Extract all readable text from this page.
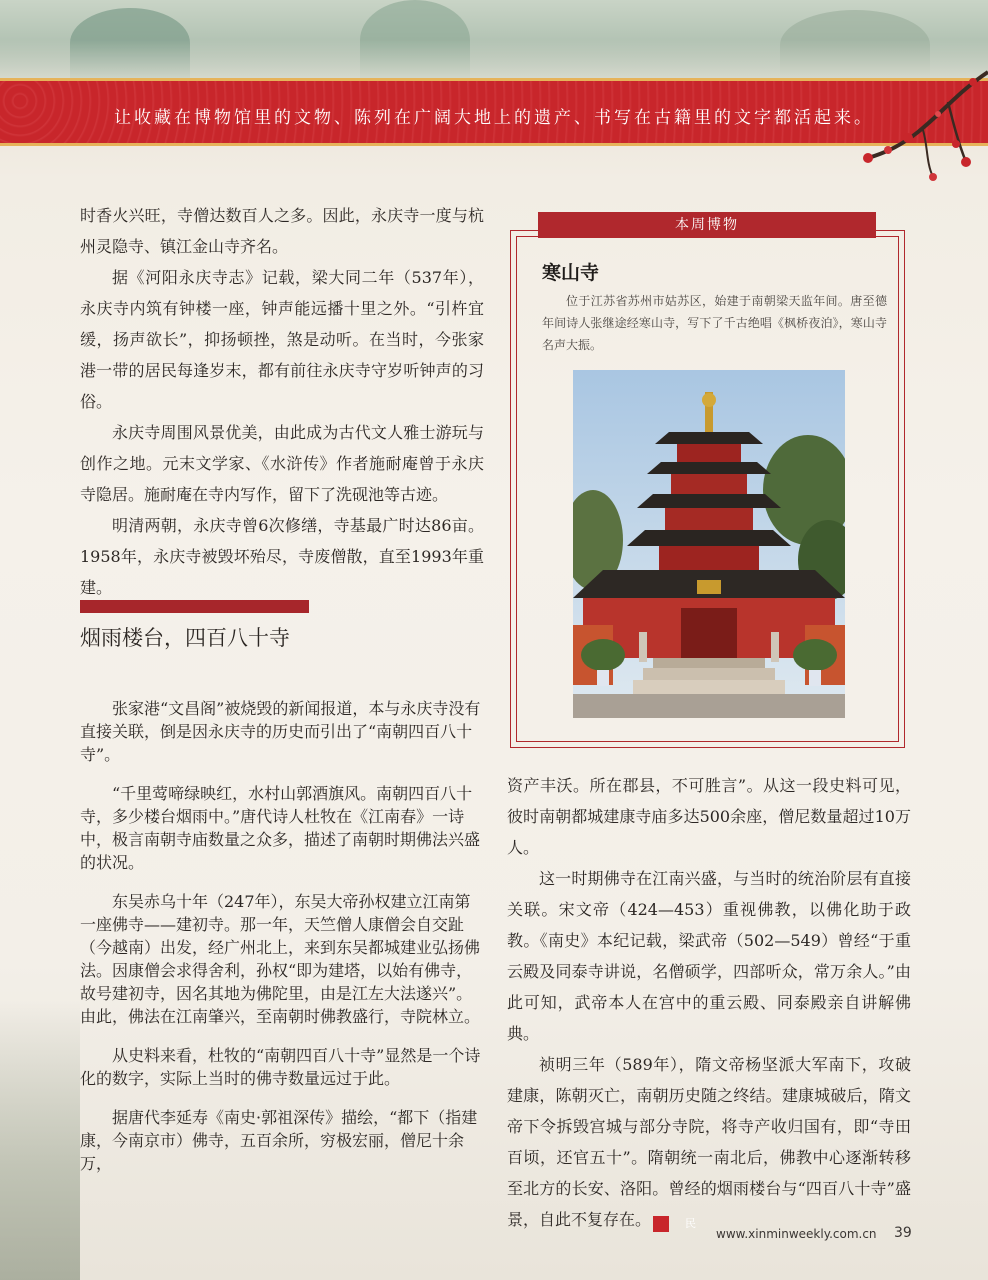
让收藏在博物馆里的文物、陈列在广阔大地上的遗产、书写在古籍里的文字都活起来。

时香火兴旺，寺僧达数百人之多。因此，永庆寺一度与杭州灵隐寺、镇江金山寺齐名。

据《河阳永庆寺志》记载，梁大同二年（537年），永庆寺内筑有钟楼一座，钟声能远播十里之外。“引杵宜缓，扬声欲长”，抑扬顿挫，煞是动听。在当时，今张家港一带的居民每逢岁末，都有前往永庆寺守岁听钟声的习俗。

永庆寺周围风景优美，由此成为古代文人雅士游玩与创作之地。元末文学家、《水浒传》作者施耐庵曾于永庆寺隐居。施耐庵在寺内写作，留下了洗砚池等古迹。

明清两朝，永庆寺曾6次修缮，寺基最广时达86亩。1958年，永庆寺被毁坏殆尽，寺废僧散，直至1993年重建。

烟雨楼台，四百八十寺

张家港“文昌阁”被烧毁的新闻报道，本与永庆寺没有直接关联，倒是因永庆寺的历史而引出了“南朝四百八十寺”。

“千里莺啼绿映红，水村山郭酒旗风。南朝四百八十寺，多少楼台烟雨中。”唐代诗人杜牧在《江南春》一诗中，极言南朝寺庙数量之众多，描述了南朝时期佛法兴盛的状况。

东吴赤乌十年（247年），东吴大帝孙权建立江南第一座佛寺——建初寺。那一年，天竺僧人康僧会自交趾（今越南）出发，经广州北上，来到东吴都城建业弘扬佛法。因康僧会求得舍利，孙权“即为建塔，以始有佛寺，故号建初寺，因名其地为佛陀里，由是江左大法遂兴”。由此，佛法在江南肇兴，至南朝时佛教盛行，寺院林立。

从史料来看，杜牧的“南朝四百八十寺”显然是一个诗化的数字，实际上当时的佛寺数量远过于此。

据唐代李延寿《南史·郭祖深传》描绘，“都下（指建康，今南京市）佛寺，五百余所，穷极宏丽，僧尼十余万，

本周博物
寒山寺
位于江苏省苏州市姑苏区，始建于南朝梁天监年间。唐至德年间诗人张继途经寒山寺，写下了千古绝唱《枫桥夜泊》，寒山寺名声大振。

资产丰沃。所在郡县，不可胜言”。从这一段史料可见，彼时南朝都城建康寺庙多达500余座，僧尼数量超过10万人。

这一时期佛寺在江南兴盛，与当时的统治阶层有直接关联。宋文帝（424—453）重视佛教，以佛化助于政教。《南史》本纪记载，梁武帝（502—549）曾经“于重云殿及同泰寺讲说，名僧硕学，四部听众，常万余人。”由此可知，武帝本人在宫中的重云殿、同泰殿亲自讲解佛典。

祯明三年（589年），隋文帝杨坚派大军南下，攻破建康，陈朝灭亡，南朝历史随之终结。建康城破后，隋文帝下令拆毁宫城与部分寺院，将寺产收归国有，即“寺田百顷，还官五十”。隋朝统一南北后，佛教中心逐渐转移至北方的长安、洛阳。曾经的烟雨楼台与“四百八十寺”盛景，自此不复存在。	民

www.xinminweekly.com.cn 39
